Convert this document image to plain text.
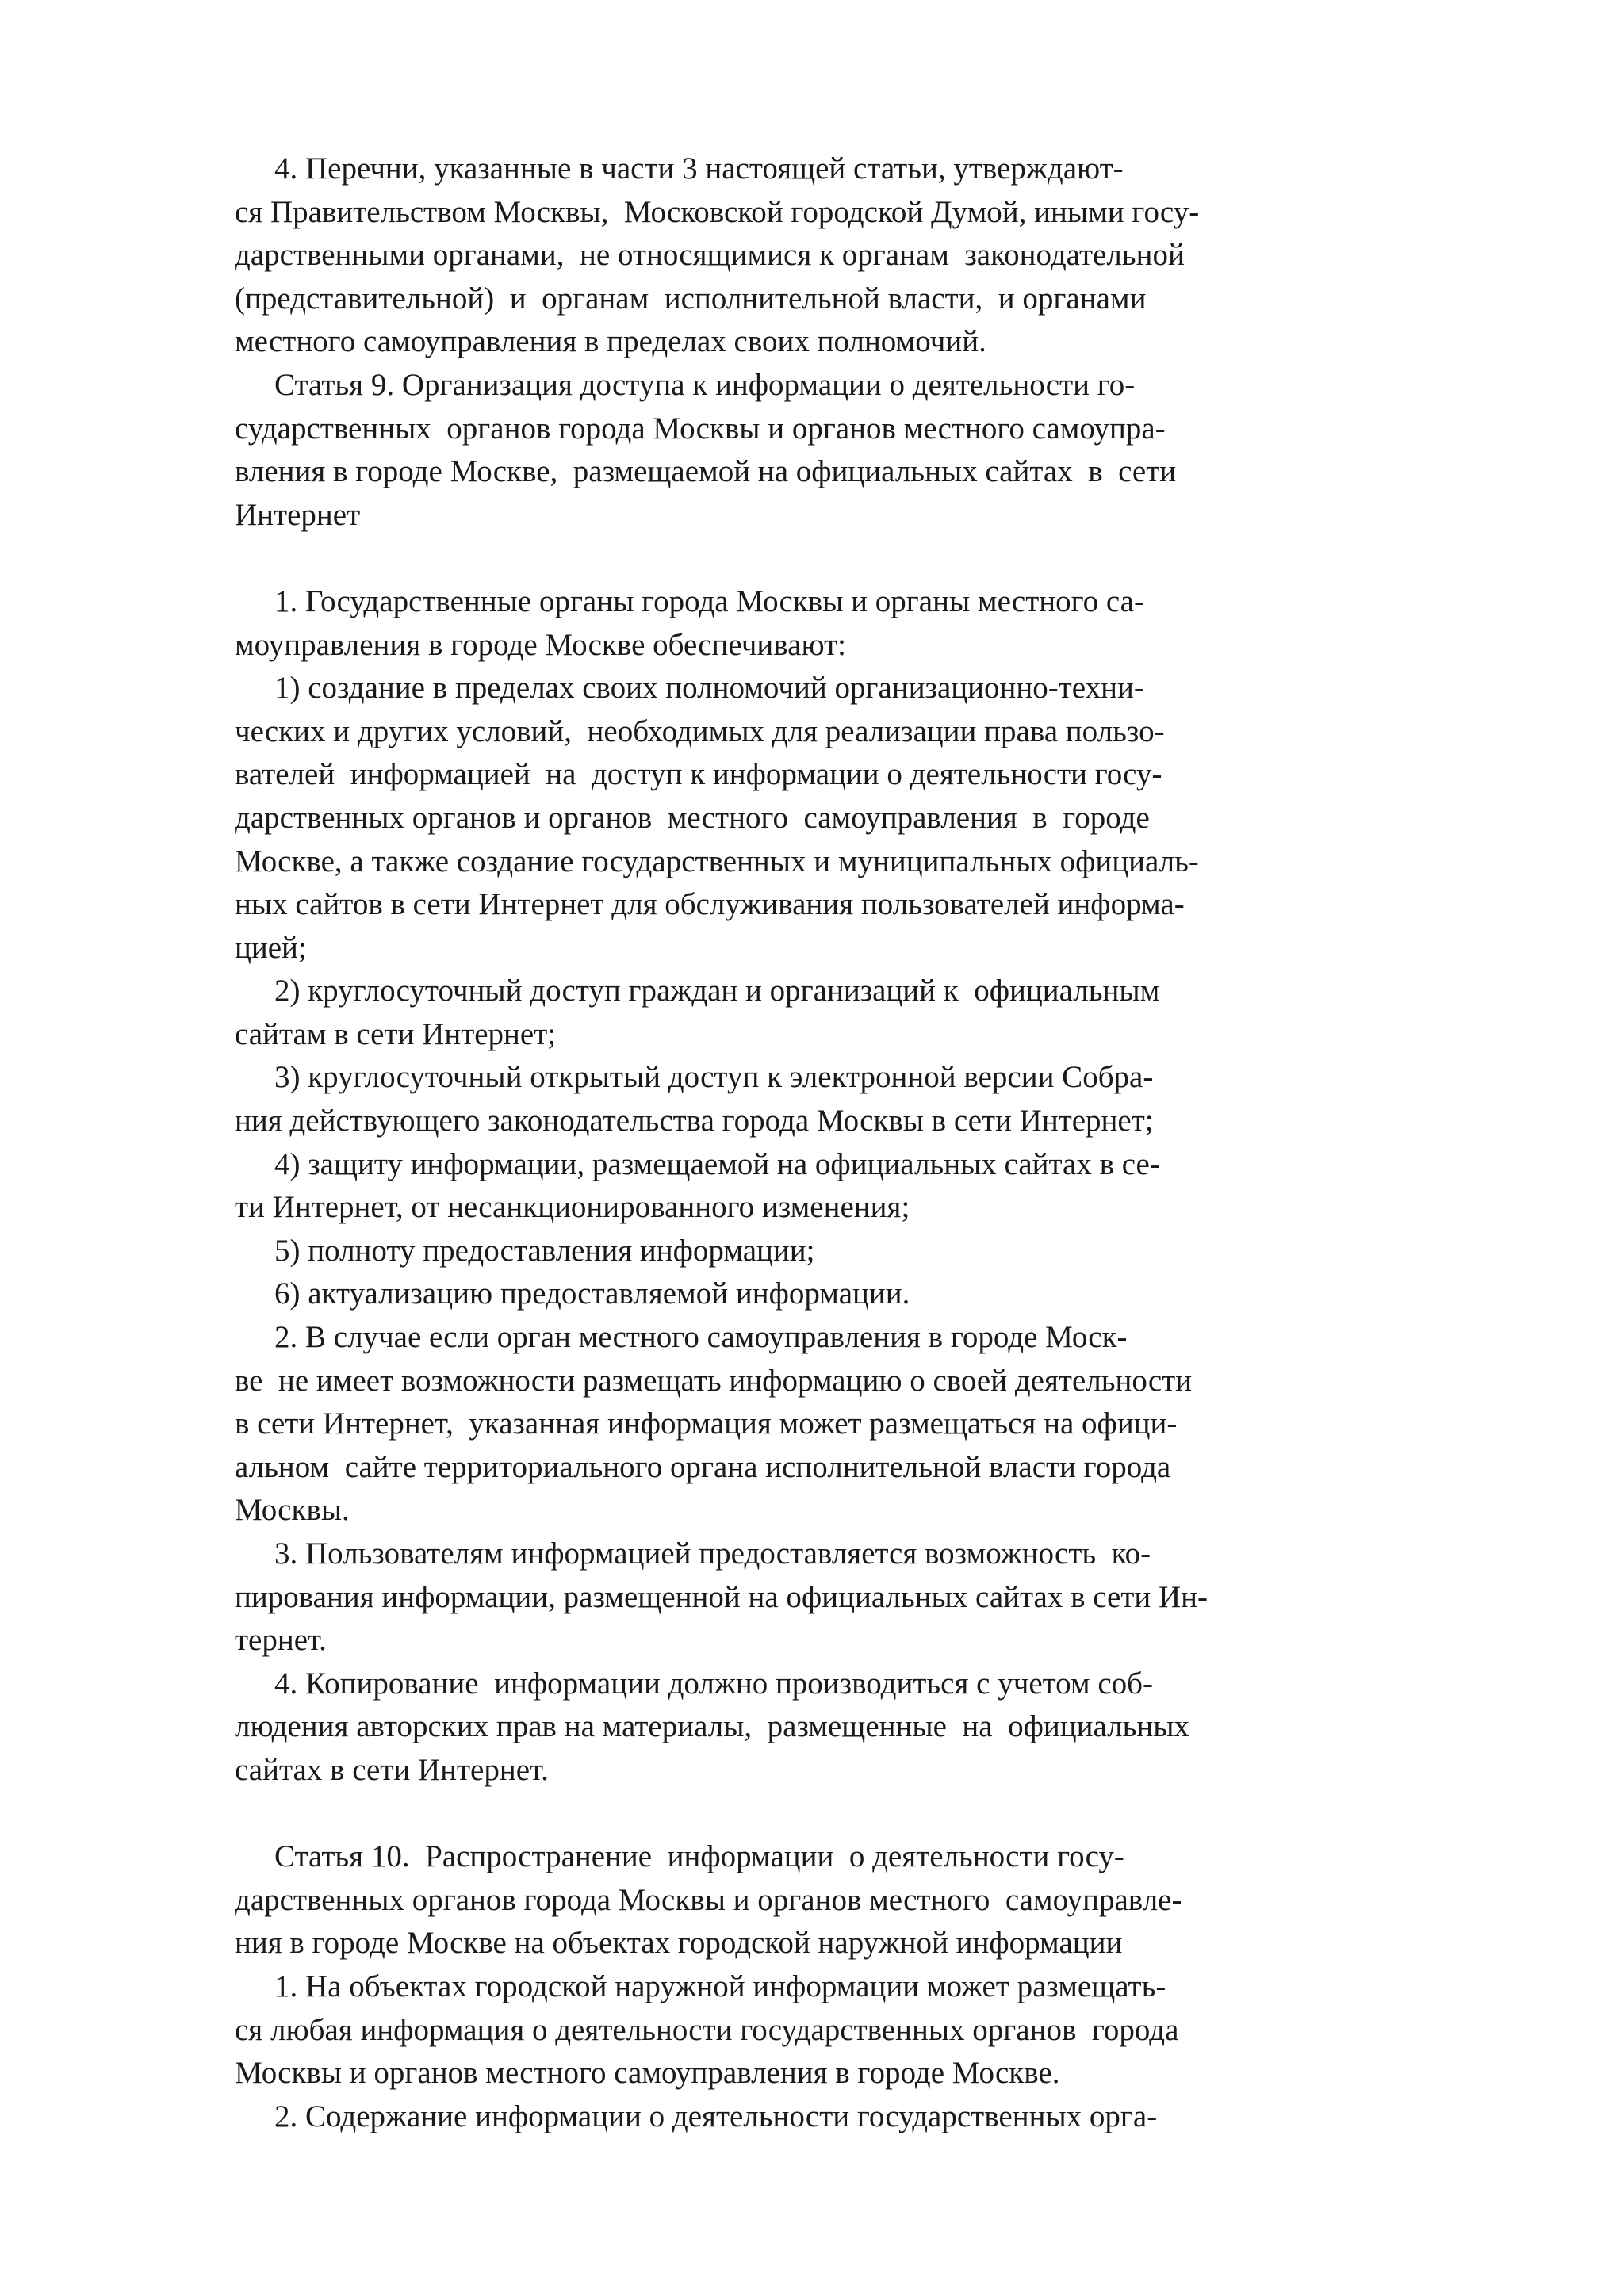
4. Перечни, указанные в части 3 настоящей статьи, утверждают-
ся Правительством Москвы,  Московской городской Думой, иными госу-
дарственными органами,  не относящимися к органам  законодательной
(представительной)  и  органам  исполнительной власти,  и органами
местного самоуправления в пределах своих полномочий.
Статья 9. Организация доступа к информации о деятельности го-
сударственных  органов города Москвы и органов местного самоупра-
вления в городе Москве,  размещаемой на официальных сайтах  в  сети
Интернет
1. Государственные органы города Москвы и органы местного са-
моуправления в городе Москве обеспечивают:
1) создание в пределах своих полномочий организационно-техни-
ческих и других условий,  необходимых для реализации права пользо-
вателей  информацией  на  доступ к информации о деятельности госу-
дарственных органов и органов  местного  самоуправления  в  городе
Москве, а также создание государственных и муниципальных официаль-
ных сайтов в сети Интернет для обслуживания пользователей информа-
цией;
2) круглосуточный доступ граждан и организаций к  официальным
сайтам в сети Интернет;
3) круглосуточный открытый доступ к электронной версии Собра-
ния действующего законодательства города Москвы в сети Интернет;
4) защиту информации, размещаемой на официальных сайтах в се-
ти Интернет, от несанкционированного изменения;
5) полноту предоставления информации;
6) актуализацию предоставляемой информации.
2. В случае если орган местного самоуправления в городе Моск-
ве  не имеет возможности размещать информацию о своей деятельности
в сети Интернет,  указанная информация может размещаться на офици-
альном  сайте территориального органа исполнительной власти города
Москвы.
3. Пользователям информацией предоставляется возможность  ко-
пирования информации, размещенной на официальных сайтах в сети Ин-
тернет.
4. Копирование  информации должно производиться с учетом соб-
людения авторских прав на материалы,  размещенные  на  официальных
сайтах в сети Интернет.
Статья 10.  Распространение  информации  о деятельности госу-
дарственных органов города Москвы и органов местного  самоуправле-
ния в городе Москве на объектах городской наружной информации
1. На объектах городской наружной информации может размещать-
ся любая информация о деятельности государственных органов  города
Москвы и органов местного самоуправления в городе Москве.
2. Содержание информации о деятельности государственных орга-
